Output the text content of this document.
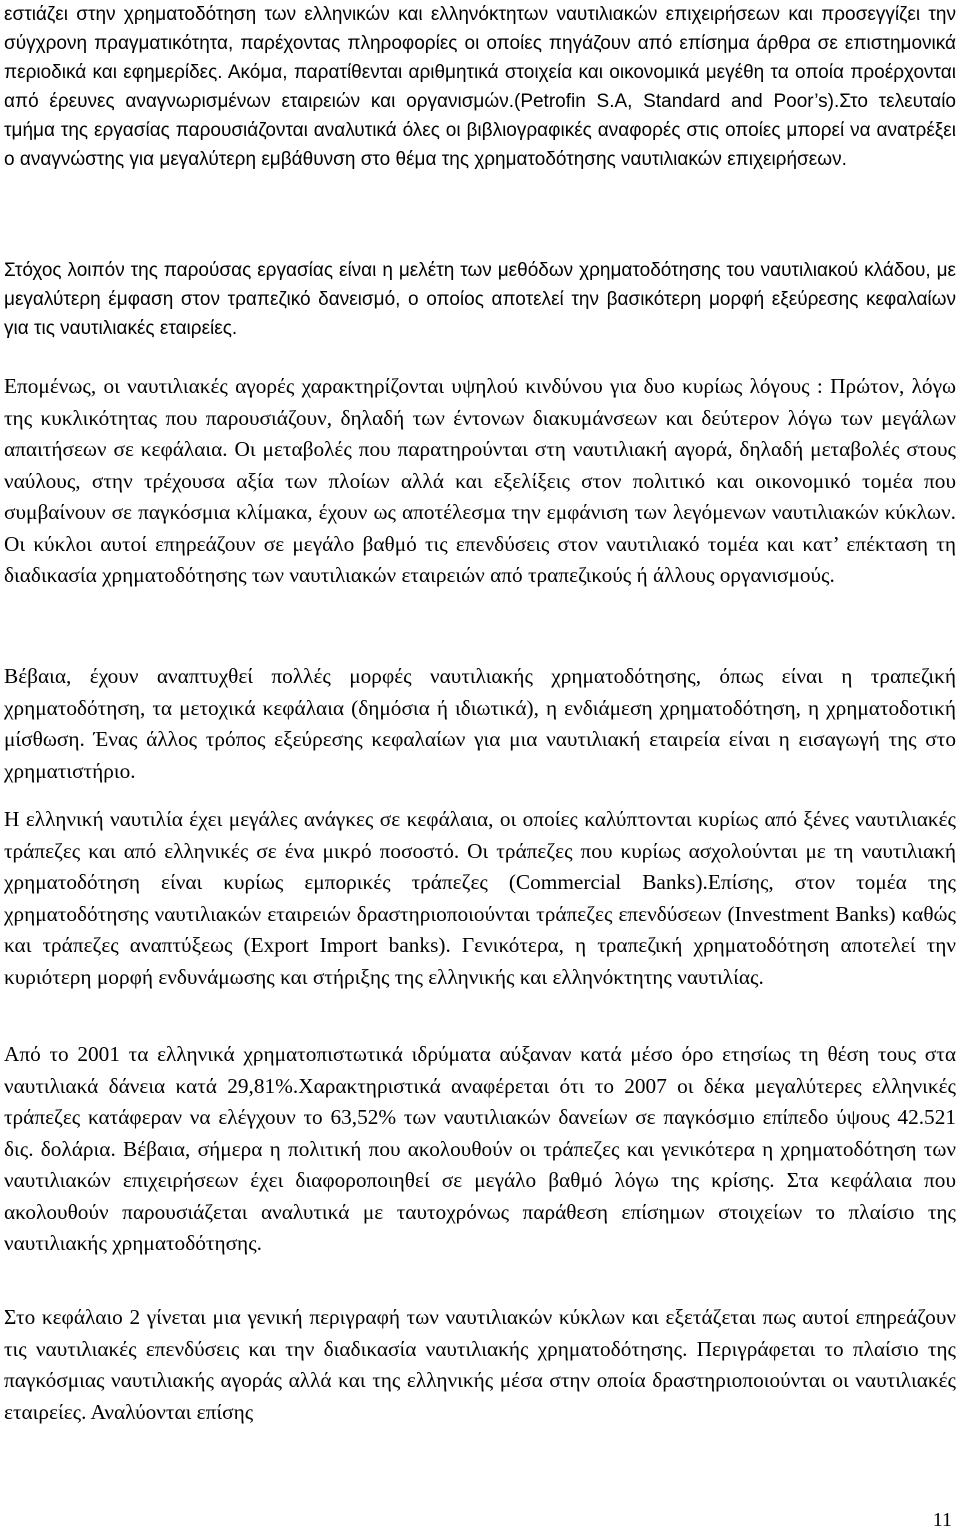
εστιάζει στην χρηματοδότηση των ελληνικών και ελληνόκτητων ναυτιλιακών επιχειρήσεων και προσεγγίζει την σύγχρονη πραγματικότητα, παρέχοντας πληροφορίες οι οποίες πηγάζουν από επίσημα άρθρα σε επιστημονικά περιοδικά και εφημερίδες. Ακόμα, παρατίθενται αριθμητικά στοιχεία και οικονομικά μεγέθη τα οποία προέρχονται από έρευνες αναγνωρισμένων εταιρειών και οργανισμών.(Petrofin S.A, Standard and Poor’s).Στο τελευταίο τμήμα της εργασίας παρουσιάζονται αναλυτικά όλες οι βιβλιογραφικές αναφορές στις οποίες μπορεί να ανατρέξει ο αναγνώστης για μεγαλύτερη εμβάθυνση στο θέμα της χρηματοδότησης ναυτιλιακών επιχειρήσεων.

Στόχος λοιπόν της παρούσας εργασίας είναι η μελέτη των μεθόδων χρηματοδότησης του ναυτιλιακού κλάδου, με μεγαλύτερη έμφαση στον τραπεζικό δανεισμό, ο οποίος αποτελεί την βασικότερη μορφή εξεύρεσης κεφαλαίων για τις ναυτιλιακές εταιρείες.

Επομένως, οι ναυτιλιακές αγορές χαρακτηρίζονται υψηλού κινδύνου για δυο κυρίως λόγους : Πρώτον, λόγω της κυκλικότητας που παρουσιάζουν, δηλαδή των έντονων διακυμάνσεων και δεύτερον λόγω των μεγάλων απαιτήσεων σε κεφάλαια. Οι μεταβολές που παρατηρούνται στη ναυτιλιακή αγορά, δηλαδή μεταβολές στους ναύλους, στην τρέχουσα αξία των πλοίων αλλά και εξελίξεις στον πολιτικό και οικονομικό τομέα που συμβαίνουν σε παγκόσμια κλίμακα, έχουν ως αποτέλεσμα την εμφάνιση των λεγόμενων ναυτιλιακών κύκλων. Οι κύκλοι αυτοί επηρεάζουν σε μεγάλο βαθμό τις επενδύσεις στον ναυτιλιακό τομέα και κατ’ επέκταση τη διαδικασία χρηματοδότησης των ναυτιλιακών εταιρειών από τραπεζικούς ή άλλους οργανισμούς.

Βέβαια, έχουν αναπτυχθεί πολλές μορφές ναυτιλιακής χρηματοδότησης, όπως είναι η τραπεζική χρηματοδότηση, τα μετοχικά κεφάλαια (δημόσια ή ιδιωτικά), η ενδιάμεση χρηματοδότηση, η χρηματοδοτική μίσθωση. Ένας άλλος τρόπος εξεύρεσης κεφαλαίων για μια ναυτιλιακή εταιρεία είναι η εισαγωγή της στο χρηματιστήριο.

Η ελληνική ναυτιλία έχει μεγάλες ανάγκες σε κεφάλαια, οι οποίες καλύπτονται κυρίως από ξένες ναυτιλιακές τράπεζες και από ελληνικές σε ένα μικρό ποσοστό. Οι τράπεζες που κυρίως ασχολούνται με τη ναυτιλιακή χρηματοδότηση είναι κυρίως εμπορικές τράπεζες (Commercial Banks).Επίσης, στον τομέα της χρηματοδότησης ναυτιλιακών εταιρειών δραστηριοποιούνται τράπεζες επενδύσεων (Investment Banks) καθώς και τράπεζες αναπτύξεως (Export Import banks). Γενικότερα, η τραπεζική χρηματοδότηση αποτελεί την κυριότερη μορφή ενδυνάμωσης και στήριξης της ελληνικής και ελληνόκτητης ναυτιλίας.

Από το 2001 τα ελληνικά χρηματοπιστωτικά ιδρύματα αύξαναν κατά μέσο όρο ετησίως τη θέση τους στα ναυτιλιακά δάνεια κατά 29,81%.Χαρακτηριστικά αναφέρεται ότι το 2007 οι δέκα μεγαλύτερες ελληνικές τράπεζες κατάφεραν να ελέγχουν το 63,52% των ναυτιλιακών δανείων σε παγκόσμιο επίπεδο ύψους 42.521 δις. δολάρια. Βέβαια, σήμερα η πολιτική που ακολουθούν οι τράπεζες και γενικότερα η χρηματοδότηση των ναυτιλιακών επιχειρήσεων έχει διαφοροποιηθεί σε μεγάλο βαθμό λόγω της κρίσης. Στα κεφάλαια που ακολουθούν παρουσιάζεται αναλυτικά με ταυτοχρόνως παράθεση επίσημων στοιχείων το πλαίσιο της ναυτιλιακής χρηματοδότησης.

Στο κεφάλαιο 2 γίνεται μια γενική περιγραφή των ναυτιλιακών κύκλων και εξετάζεται πως αυτοί επηρεάζουν τις ναυτιλιακές επενδύσεις και την διαδικασία ναυτιλιακής χρηματοδότησης. Περιγράφεται το πλαίσιο της παγκόσμιας ναυτιλιακής αγοράς αλλά και της ελληνικής μέσα στην οποία δραστηριοποιούνται οι ναυτιλιακές εταιρείες. Αναλύονται επίσης

11
